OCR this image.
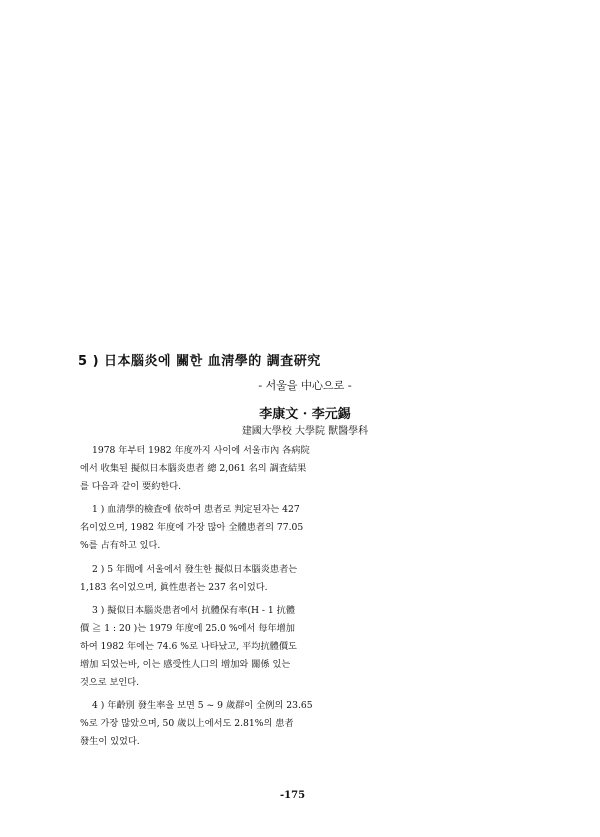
5 ) 日本腦炎에 關한 血淸學的 調査硏究
- 서울을 中心으로 -
李康文 · 李元錫
建國大學校 大學院 獸醫學科

1978 年부터 1982 年度까지 사이에 서울市內 各病院
에서 收集된 擬似日本腦炎患者 總 2,061 名의 調査結果
를 다음과 같이 要約한다.

1 ) 血淸學的檢査에 依하여 患者로 判定된자는 427
名이었으며, 1982 年度에 가장 많아 全體患者의 77.05
%를 占有하고 있다.

2 ) 5 年間에 서울에서 發生한 擬似日本腦炎患者는
1,183 名이었으며, 眞性患者는 237 名이었다.

3 ) 擬似日本腦炎患者에서 抗體保有率(H - 1 抗體
價 ≧ 1 : 20 )는 1979 年度에 25.0 %에서 每年增加
하여 1982 年에는 74.6 %로 나타났고, 平均抗體價도
增加 되었는바, 이는 感受性人口의 增加와 關係 있는
것으로 보인다.

4 ) 年齡別 發生率을 보면 5 ~ 9 歲群이 全例의 23.65
%로 가장 많았으며, 50 歲以上에서도 2.81%의 患者
發生이 있었다.

-175
